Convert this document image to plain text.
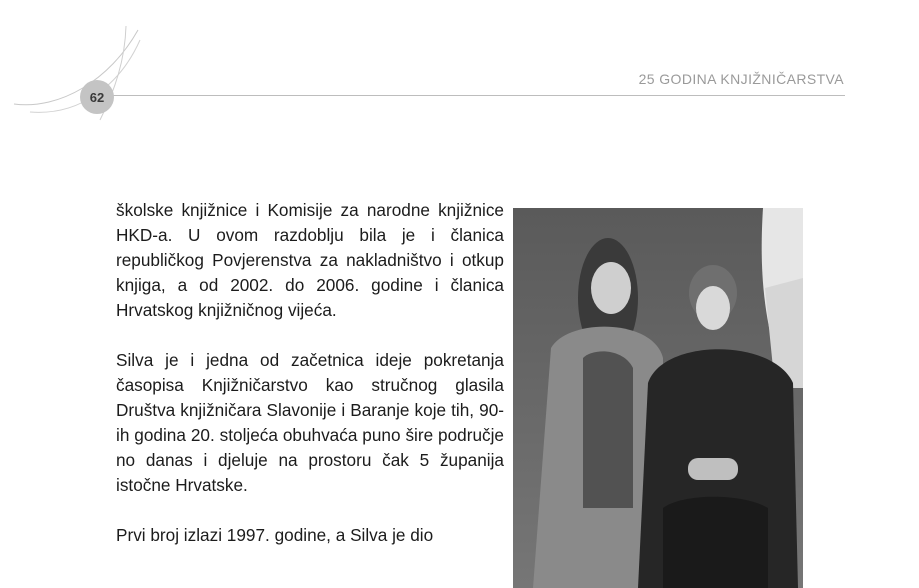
25 GODINA KNJIŽNIČARSTVA
62

školske knjižnice i Komisije za narodne knjižnice HKD-a. U ovom razdoblju bila je i članica republičkog Povjerenstva za nakladništvo i otkup knjiga, a od 2002. do 2006. godine i članica Hrvatskog knjižničnog vijeća.

Silva je i jedna od začetnica ideje pokretanja časopisa Knjižničarstvo kao stručnog glasila Društva knjižničara Slavonije i Baranje koje tih, 90-ih godina 20. stoljeća obuhvaća puno šire područje no danas i djeluje na prostoru čak 5 županija istočne Hrvatske.

Prvi broj izlazi 1997. godine, a Silva je dio
